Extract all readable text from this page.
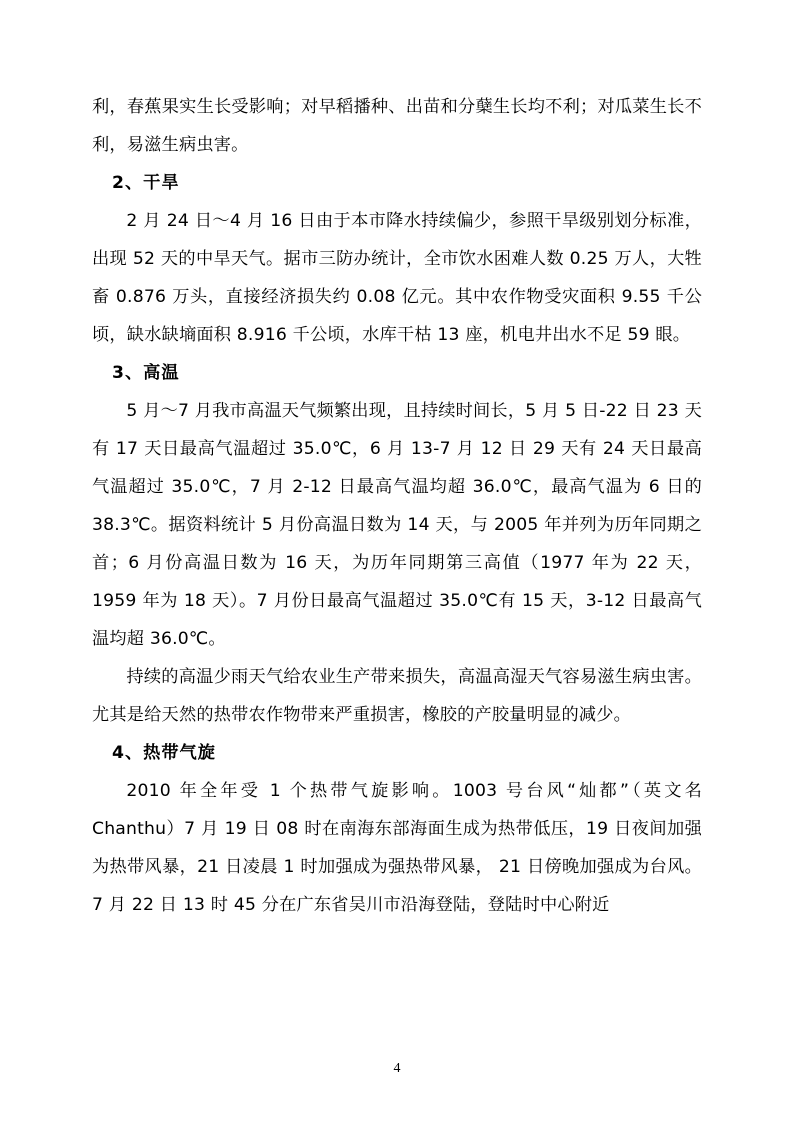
利，春蕉果实生长受影响；对早稻播种、出苗和分蘖生长均不利；对瓜菜生长不利，易滋生病虫害。

2、干旱

2 月 24 日～4 月 16 日由于本市降水持续偏少，参照干旱级别划分标准，出现 52 天的中旱天气。据市三防办统计，全市饮水困难人数 0.25 万人，大牲畜 0.876 万头，直接经济损失约 0.08 亿元。其中农作物受灾面积 9.55 千公顷，缺水缺墒面积 8.916 千公顷，水库干枯 13 座，机电井出水不足 59 眼。

3、高温

5 月～7 月我市高温天气频繁出现，且持续时间长，5 月 5 日-22 日 23 天有 17 天日最高气温超过 35.0℃，6 月 13-7 月 12 日 29 天有 24 天日最高气温超过 35.0℃，7 月 2-12 日最高气温均超 36.0℃，最高气温为 6 日的 38.3℃。据资料统计 5 月份高温日数为 14 天，与 2005 年并列为历年同期之首；6 月份高温日数为 16 天，为历年同期第三高值（1977 年为 22 天，1959 年为 18 天）。7 月份日最高气温超过 35.0℃有 15 天，3-12 日最高气温均超 36.0℃。

持续的高温少雨天气给农业生产带来损失，高温高湿天气容易滋生病虫害。尤其是给天然的热带农作物带来严重损害，橡胶的产胶量明显的减少。

4、热带气旋

2010 年全年受 1 个热带气旋影响。1003 号台风“灿都”（英文名 Chanthu）7 月 19 日 08 时在南海东部海面生成为热带低压，19 日夜间加强为热带风暴，21 日凌晨 1 时加强成为强热带风暴， 21 日傍晚加强成为台风。7 月 22 日 13 时 45 分在广东省吴川市沿海登陆，登陆时中心附近

4
